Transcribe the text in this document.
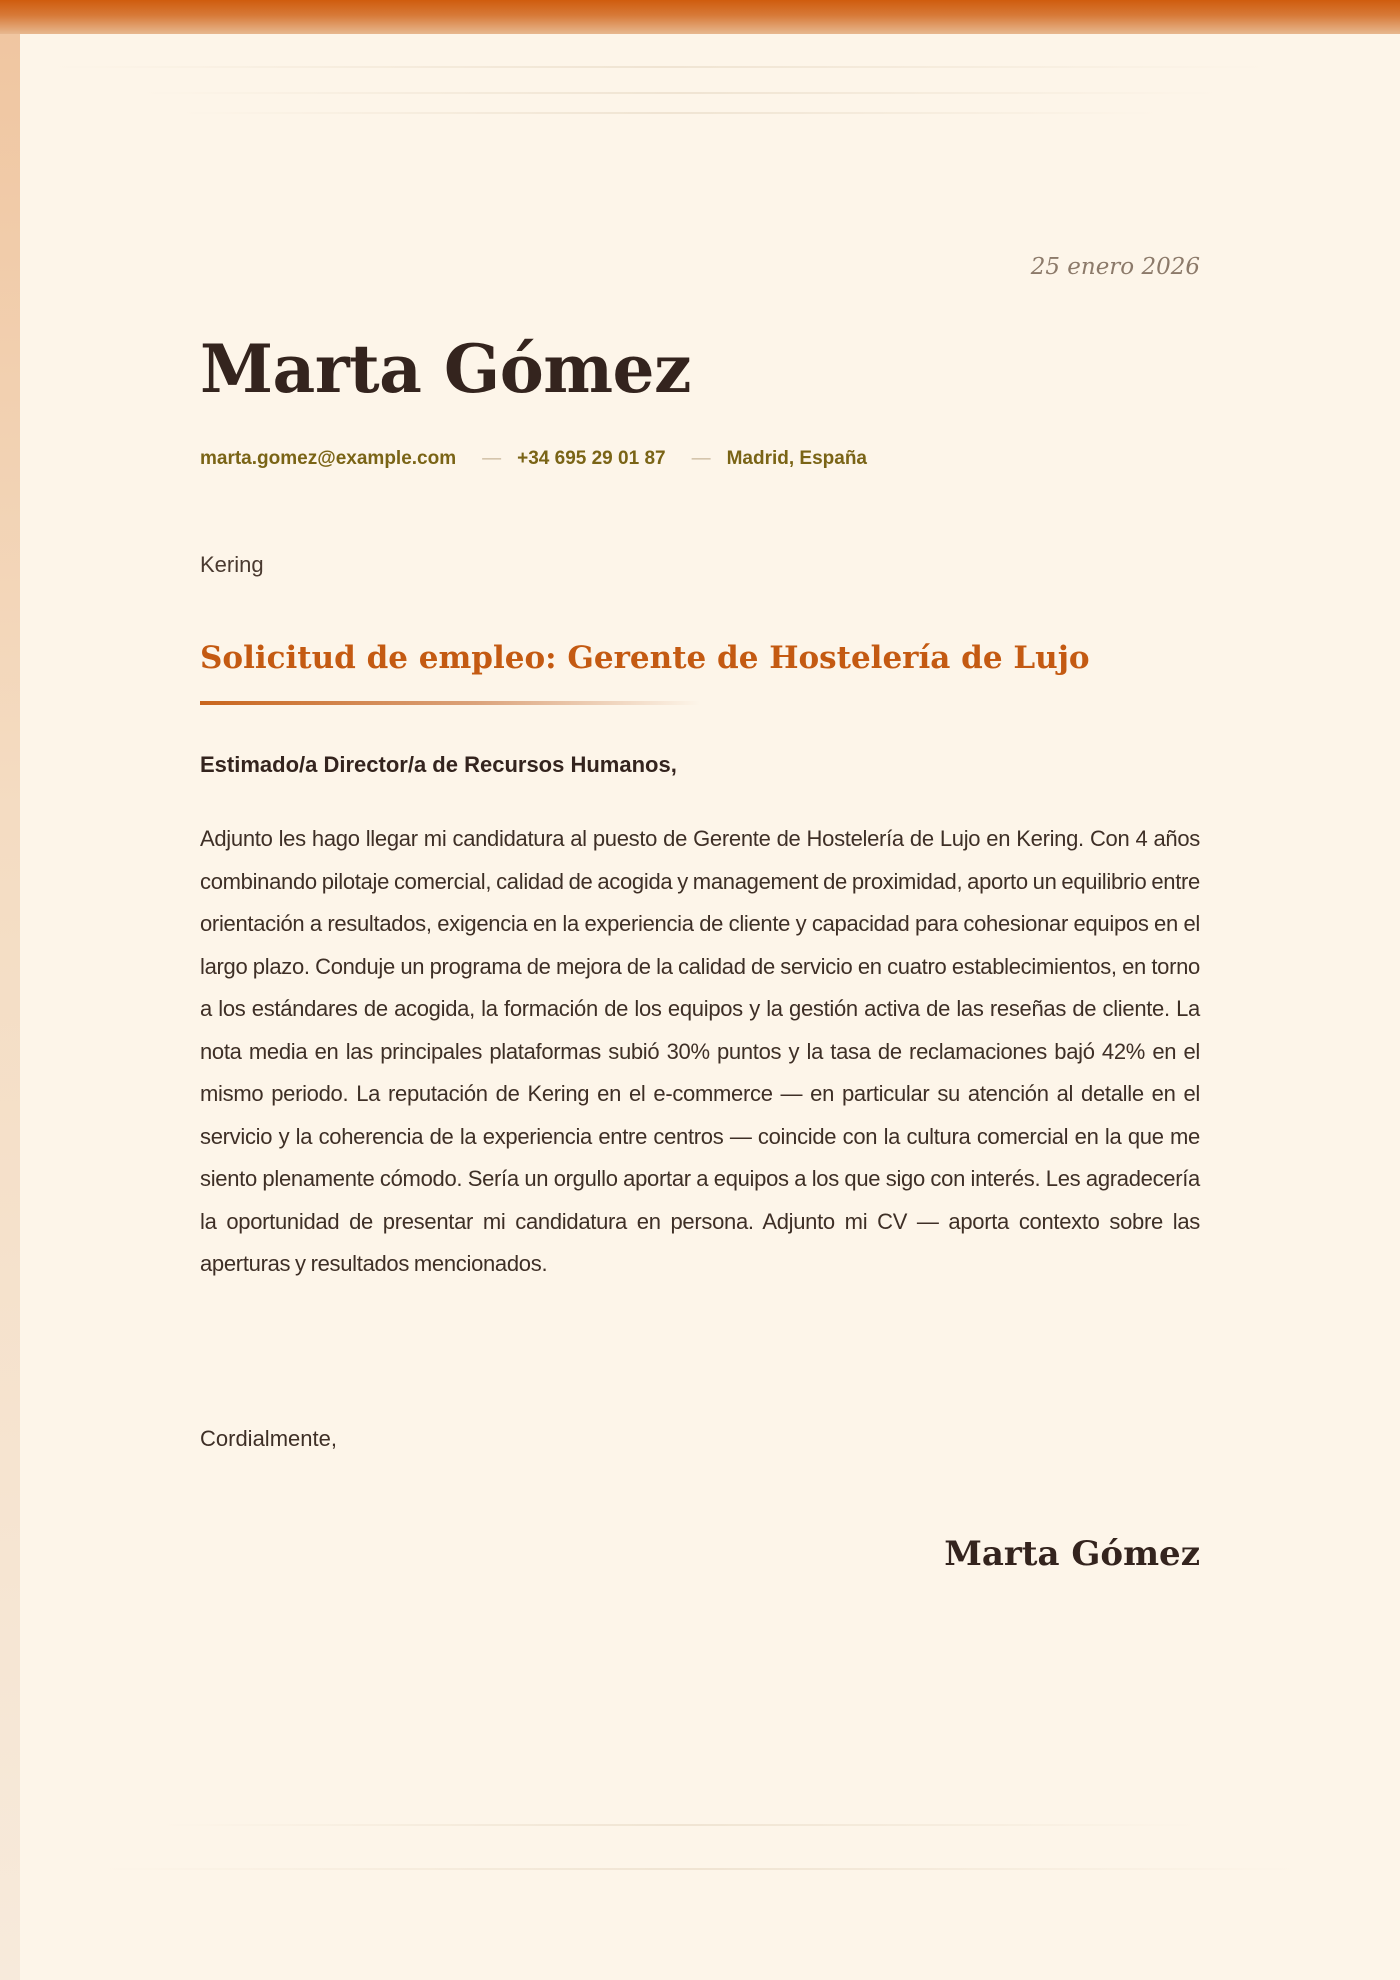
25 enero 2026
Marta Gómez
marta.gomez@example.com — +34 695 29 01 87 — Madrid, España
Kering
Solicitud de empleo: Gerente de Hostelería de Lujo
Estimado/a Director/a de Recursos Humanos,

Adjunto les hago llegar mi candidatura al puesto de Gerente de Hostelería de Lujo en Kering. Con 4 años combinando pilotaje comercial, calidad de acogida y management de proximidad, aporto un equilibrio entre orientación a resultados, exigencia en la experiencia de cliente y capacidad para cohesionar equipos en el largo plazo. Conduje un programa de mejora de la calidad de servicio en cuatro establecimientos, en torno a los estándares de acogida, la formación de los equipos y la gestión activa de las reseñas de cliente. La nota media en las principales plataformas subió 30% puntos y la tasa de reclamaciones bajó 42% en el mismo periodo. La reputación de Kering en el e-commerce — en particular su atención al detalle en el servicio y la coherencia de la experiencia entre centros — coincide con la cultura comercial en la que me siento plenamente cómodo. Sería un orgullo aportar a equipos a los que sigo con interés. Les agradecería la oportunidad de presentar mi candidatura en persona. Adjunto mi CV — aporta contexto sobre las aperturas y resultados mencionados.

Cordialmente,
Marta Gómez
